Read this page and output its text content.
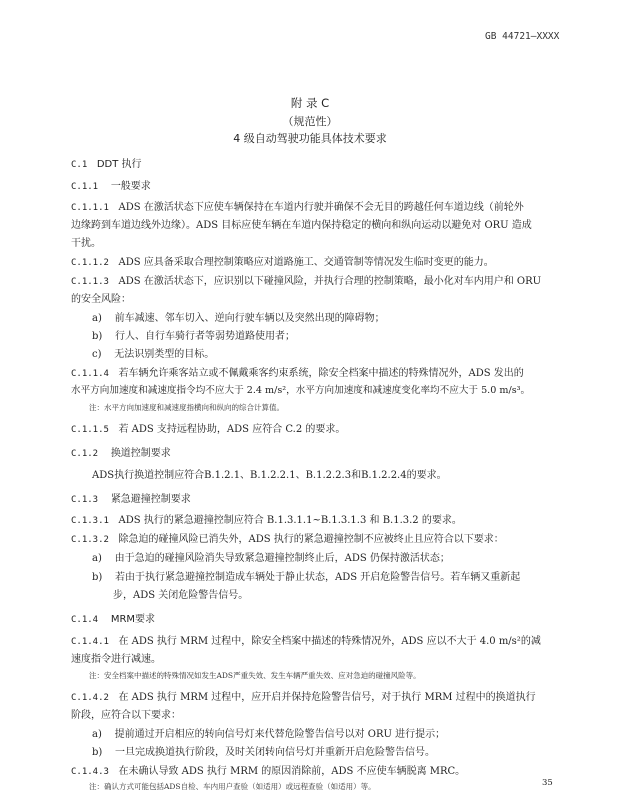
GB 44721—XXXX
附 录 C
（规范性）
4 级自动驾驶功能具体技术要求
C.1 DDT 执行
C.1.1 一般要求
C.1.1.1 ADS 在激活状态下应使车辆保持在车道内行驶并确保不会无目的跨越任何车道边线（前轮外
边缘跨到车道边线外边缘）。ADS 目标应使车辆在车道内保持稳定的横向和纵向运动以避免对 ORU 造成
干扰。
C.1.1.2 ADS 应具备采取合理控制策略应对道路施工、交通管制等情况发生临时变更的能力。
C.1.1.3 ADS 在激活状态下，应识别以下碰撞风险，并执行合理的控制策略，最小化对车内用户和 ORU
的安全风险：
a) 前车减速、邻车切入、逆向行驶车辆以及突然出现的障碍物；
b) 行人、自行车骑行者等弱势道路使用者；
c) 无法识别类型的目标。
C.1.1.4 若车辆允许乘客站立或不佩戴乘客约束系统，除安全档案中描述的特殊情况外，ADS 发出的
水平方向加速度和减速度指令均不应大于 2.4 m/s²，水平方向加速度和减速度变化率均不应大于 5.0 m/s³。
注：水平方向加速度和减速度指横向和纵向的综合计算值。
C.1.1.5 若 ADS 支持远程协助，ADS 应符合 C.2 的要求。
C.1.2 换道控制要求
ADS执行换道控制应符合B.1.2.1、B.1.2.2.1、B.1.2.2.3和B.1.2.2.4的要求。
C.1.3 紧急避撞控制要求
C.1.3.1 ADS 执行的紧急避撞控制应符合 B.1.3.1.1~B.1.3.1.3 和 B.1.3.2 的要求。
C.1.3.2 除急迫的碰撞风险已消失外，ADS 执行的紧急避撞控制不应被终止且应符合以下要求：
a) 由于急迫的碰撞风险消失导致紧急避撞控制终止后，ADS 仍保持激活状态；
b) 若由于执行紧急避撞控制造成车辆处于静止状态，ADS 开启危险警告信号。若车辆又重新起
步，ADS 关闭危险警告信号。
C.1.4 MRM要求
C.1.4.1 在 ADS 执行 MRM 过程中，除安全档案中描述的特殊情况外，ADS 应以不大于 4.0 m/s²的减
速度指令进行减速。
注：安全档案中描述的特殊情况如发生ADS严重失效、发生车辆严重失效、应对急迫的碰撞风险等。
C.1.4.2 在 ADS 执行 MRM 过程中，应开启并保持危险警告信号，对于执行 MRM 过程中的换道执行
阶段，应符合以下要求：
a) 提前通过开启相应的转向信号灯来代替危险警告信号以对 ORU 进行提示；
b) 一旦完成换道执行阶段，及时关闭转向信号灯并重新开启危险警告信号。
C.1.4.3 在未确认导致 ADS 执行 MRM 的原因消除前，ADS 不应使车辆脱离 MRC。
注：确认方式可能包括ADS自检、车内用户查验（如适用）或远程查验（如适用）等。	35
